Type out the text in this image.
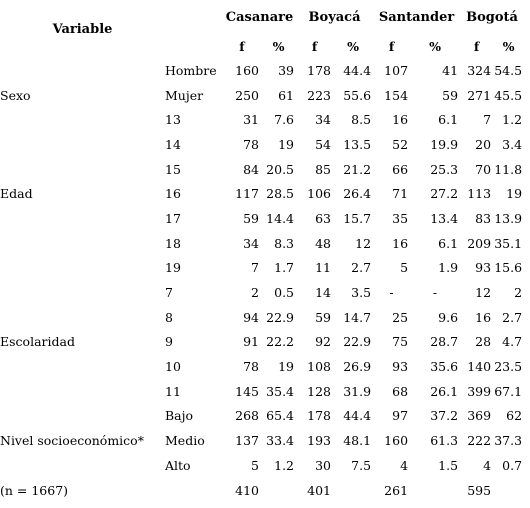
Variable		Casanare		Boyacá		Santander		Bogotá	
		f	%	f	%	f	%	f	%
	Hombre	160	39	178	44.4	107	41	324	54.5
Sexo	Mujer	250	61	223	55.6	154	59	271	45.5
	13	31	7.6	34	8.5	16	6.1	7	1.2
	14	78	19	54	13.5	52	19.9	20	3.4
	15	84	20.5	85	21.2	66	25.3	70	11.8
Edad	16	117	28.5	106	26.4	71	27.2	113	19
	17	59	14.4	63	15.7	35	13.4	83	13.9
	18	34	8.3	48	12	16	6.1	209	35.1
	19	7	1.7	11	2.7	5	1.9	93	15.6
	7	2	0.5	14	3.5	-	-	12	2
	8	94	22.9	59	14.7	25	9.6	16	2.7
Escolaridad	9	91	22.2	92	22.9	75	28.7	28	4.7
	10	78	19	108	26.9	93	35.6	140	23.5
	11	145	35.4	128	31.9	68	26.1	399	67.1
	Bajo	268	65.4	178	44.4	97	37.2	369	62
Nivel socioeconómico*	Medio	137	33.4	193	48.1	160	61.3	222	37.3
	Alto	5	1.2	30	7.5	4	1.5	4	0.7
(n = 1667)		410		401		261		595	
